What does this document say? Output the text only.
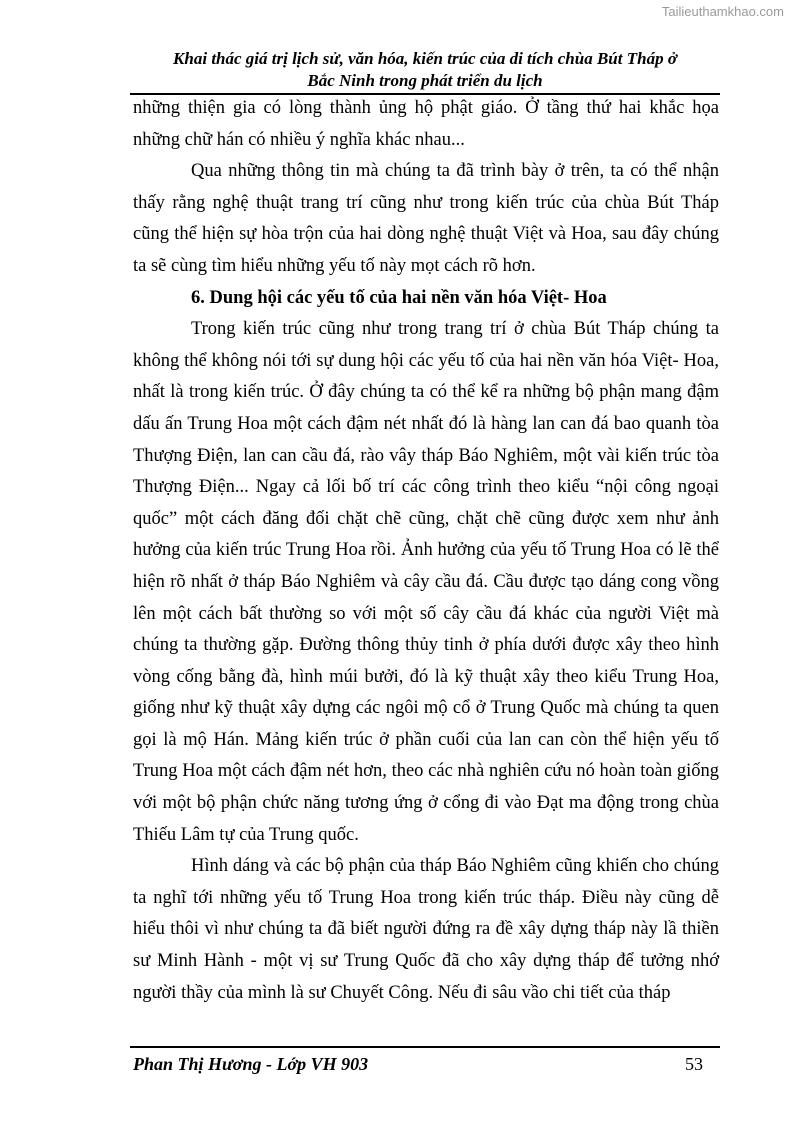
Tailieuthamkhao.com
Khai thác giá trị lịch sử, văn hóa, kiến trúc của di tích chùa Bút Tháp ở
Bắc Ninh trong phát triển du lịch

những thiện gia có lòng thành ủng hộ phật giáo. Ở tầng thứ hai khắc họa những chữ hán có nhiều ý nghĩa khác nhau...

Qua những thông tin mà chúng ta đã trình bày ở trên, ta có thể nhận thấy rằng nghệ thuật trang trí cũng như trong kiến trúc của chùa Bút Tháp cũng thể hiện sự hòa trộn của hai dòng nghệ thuật Việt và Hoa, sau đây chúng ta sẽ cùng tìm hiểu những yếu tố này mọt cách rõ hơn.

6. Dung hội các yếu tố của hai nền văn hóa Việt- Hoa

Trong kiến trúc cũng như trong trang trí ở chùa Bút Tháp chúng ta không thể không nói tới sự dung hội các yếu tố của hai nền văn hóa Việt- Hoa, nhất là trong kiến trúc. Ở đây chúng ta có thể kể ra những bộ phận mang đậm dấu ấn Trung Hoa một cách đậm nét nhất đó là hàng lan can đá bao quanh tòa Thượng Điện, lan can cầu đá, rào vây tháp Báo Nghiêm, một vài kiến trúc tòa Thượng Điện... Ngay cả lối bố trí các công trình theo kiểu “nội công ngoại quốc” một cách đăng đối chặt chẽ cũng, chặt chẽ cũng được xem như ảnh hưởng của kiến trúc Trung Hoa rồi. Ảnh hưởng của yếu tố Trung Hoa có lẽ thể hiện rõ nhất ở tháp Báo Nghiêm và cây cầu đá. Cầu được tạo dáng cong vồng lên một cách bất thường so với một số cây cầu đá khác của người Việt mà chúng ta thường gặp. Đường thông thủy tinh ở phía dưới được xây theo hình vòng cống bằng đà, hình múi bưởi, đó là kỹ thuật xây theo kiểu Trung Hoa, giống như kỹ thuật xây dựng các ngôi mộ cổ ở Trung Quốc mà chúng ta quen gọi là mộ Hán. Mảng kiến trúc ở phần cuối của lan can còn thể hiện yếu tố Trung Hoa một cách đậm nét hơn, theo các nhà nghiên cứu nó hoàn toàn giống với một bộ phận chức năng tương ứng ở cổng đi vào Đạt ma động trong chùa Thiếu Lâm tự của Trung quốc.

Hình dáng và các bộ phận của tháp Báo Nghiêm cũng khiến cho chúng ta nghĩ tới những yếu tố Trung Hoa trong kiến trúc tháp. Điều này cũng dễ hiểu thôi vì như chúng ta đã biết người đứng ra đề xây dựng tháp này lầ thiền sư Minh Hành - một vị sư Trung Quốc đã cho xây dựng tháp để tưởng nhớ người thầy của mình là sư Chuyết Công. Nếu đi sâu vầo chi tiết của tháp

Phan Thị Hương - Lớp VH 903	53
